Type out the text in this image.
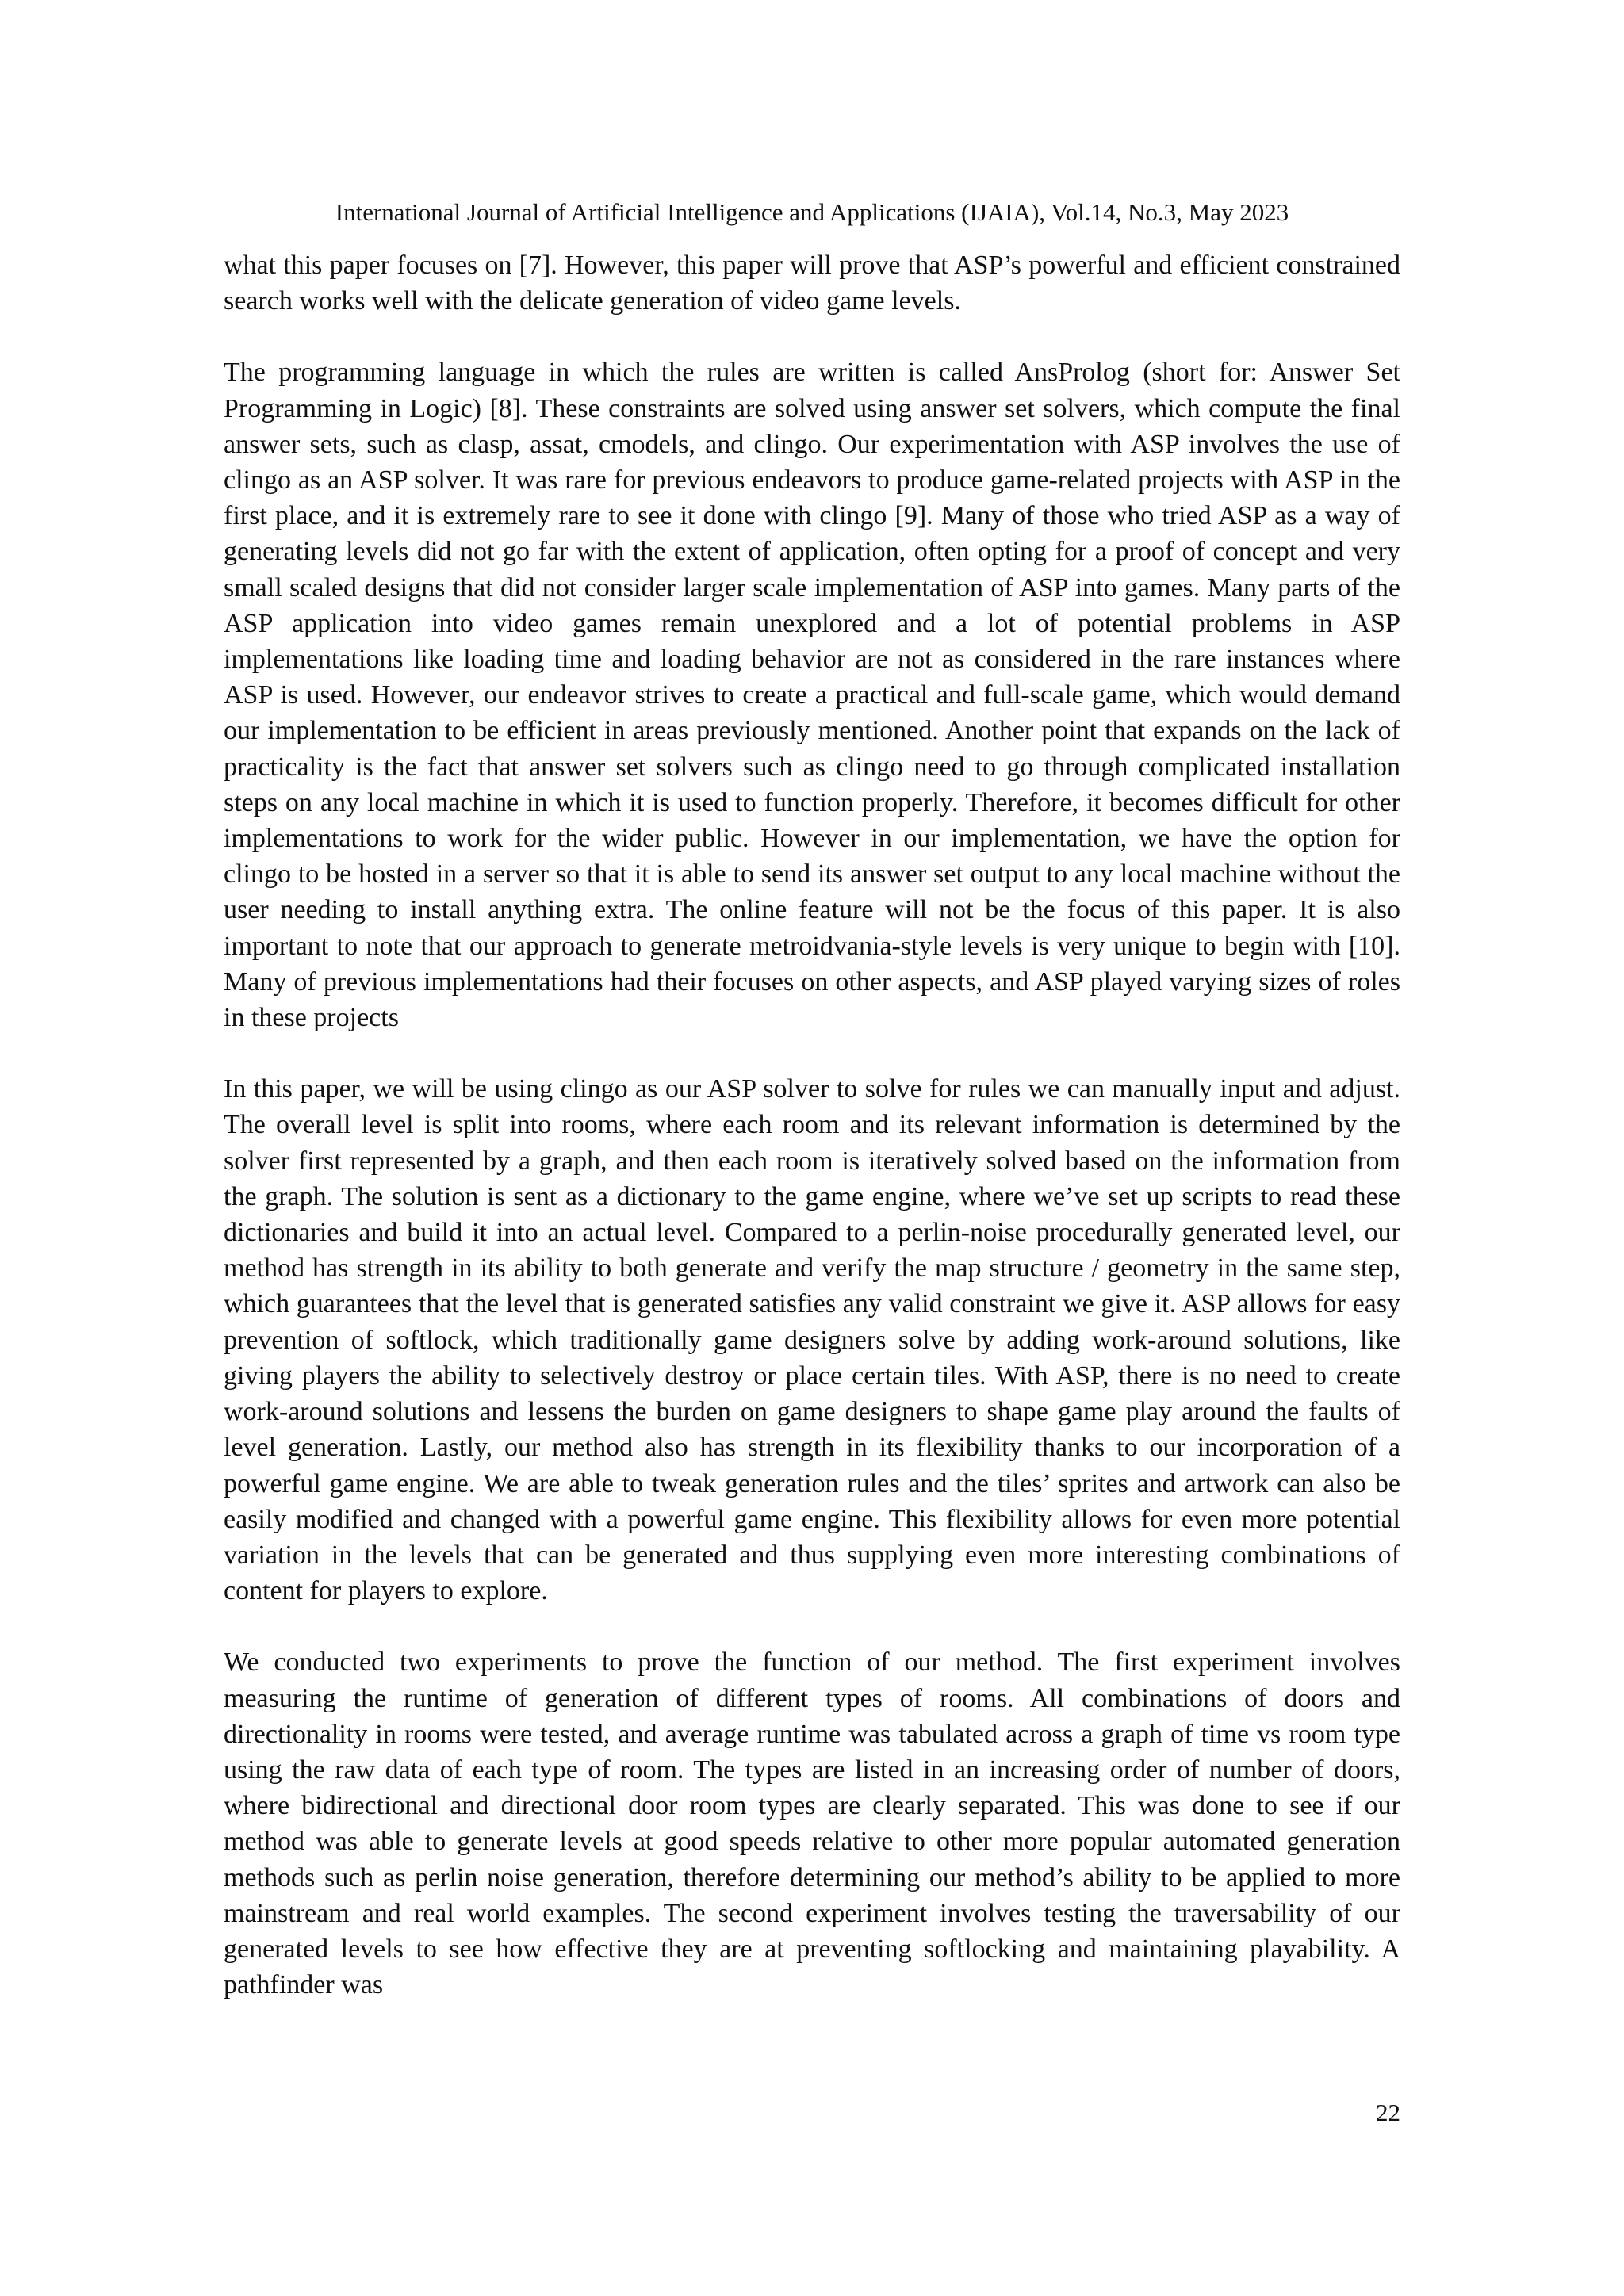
International Journal of Artificial Intelligence and Applications (IJAIA), Vol.14, No.3, May 2023

what this paper focuses on [7]. However, this paper will prove that ASP’s powerful and efficient constrained search works well with the delicate generation of video game levels.

The programming language in which the rules are written is called AnsProlog (short for: Answer Set Programming in Logic) [8]. These constraints are solved using answer set solvers, which compute the final answer sets, such as clasp, assat, cmodels, and clingo. Our experimentation with ASP involves the use of clingo as an ASP solver. It was rare for previous endeavors to produce game-related projects with ASP in the first place, and it is extremely rare to see it done with clingo [9]. Many of those who tried ASP as a way of generating levels did not go far with the extent of application, often opting for a proof of concept and very small scaled designs that did not consider larger scale implementation of ASP into games. Many parts of the ASP application into video games remain unexplored and a lot of potential problems in ASP implementations like loading time and loading behavior are not as considered in the rare instances where ASP is used. However, our endeavor strives to create a practical and full-scale game, which would demand our implementation to be efficient in areas previously mentioned. Another point that expands on the lack of practicality is the fact that answer set solvers such as clingo need to go through complicated installation steps on any local machine in which it is used to function properly. Therefore, it becomes difficult for other implementations to work for the wider public. However in our implementation, we have the option for clingo to be hosted in a server so that it is able to send its answer set output to any local machine without the user needing to install anything extra. The online feature will not be the focus of this paper. It is also important to note that our approach to generate metroidvania-style levels is very unique to begin with [10]. Many of previous implementations had their focuses on other aspects, and ASP played varying sizes of roles in these projects

In this paper, we will be using clingo as our ASP solver to solve for rules we can manually input and adjust. The overall level is split into rooms, where each room and its relevant information is determined by the solver first represented by a graph, and then each room is iteratively solved based on the information from the graph. The solution is sent as a dictionary to the game engine, where we’ve set up scripts to read these dictionaries and build it into an actual level. Compared to a perlin-noise procedurally generated level, our method has strength in its ability to both generate and verify the map structure / geometry in the same step, which guarantees that the level that is generated satisfies any valid constraint we give it. ASP allows for easy prevention of softlock, which traditionally game designers solve by adding work-around solutions, like giving players the ability to selectively destroy or place certain tiles. With ASP, there is no need to create work-around solutions and lessens the burden on game designers to shape game play around the faults of level generation. Lastly, our method also has strength in its flexibility thanks to our incorporation of a powerful game engine. We are able to tweak generation rules and the tiles’ sprites and artwork can also be easily modified and changed with a powerful game engine. This flexibility allows for even more potential variation in the levels that can be generated and thus supplying even more interesting combinations of content for players to explore.

We conducted two experiments to prove the function of our method. The first experiment involves measuring the runtime of generation of different types of rooms. All combinations of doors and directionality in rooms were tested, and average runtime was tabulated across a graph of time vs room type using the raw data of each type of room. The types are listed in an increasing order of number of doors, where bidirectional and directional door room types are clearly separated. This was done to see if our method was able to generate levels at good speeds relative to other more popular automated generation methods such as perlin noise generation, therefore determining our method’s ability to be applied to more mainstream and real world examples. The second experiment involves testing the traversability of our generated levels to see how effective they are at preventing softlocking and maintaining playability. A pathfinder was

22
